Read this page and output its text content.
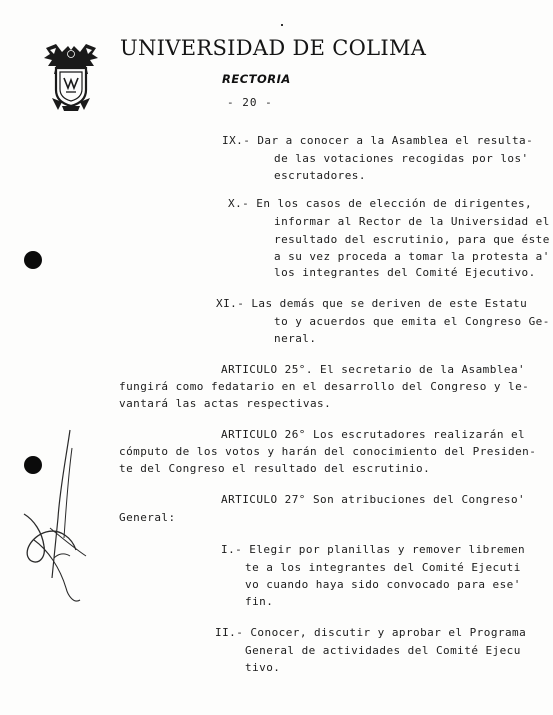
UNIVERSIDAD DE COLIMA
RECTORIA
- 20 -
IX.- Dar a conocer a la Asamblea el resulta-
de las votaciones recogidas por los'
escrutadores.
X.- En los casos de elección de dirigentes,
informar al Rector de la Universidad el
resultado del escrutinio, para que éste
a su vez proceda a tomar la protesta a'
los integrantes del Comité Ejecutivo.
XI.- Las demás que se deriven de este Estatu
to y acuerdos que emita el Congreso Ge-
neral.
ARTICULO 25°. El secretario de la Asamblea'
fungirá como fedatario en el desarrollo del Congreso y le-
vantará las actas respectivas.
ARTICULO 26° Los escrutadores realizarán el
cómputo de los votos y harán del conocimiento del Presiden-
te del Congreso el resultado del escrutinio.
ARTICULO 27° Son atribuciones del Congreso'
General:
I.- Elegir por planillas y remover libremen
te a los integrantes del Comité Ejecuti
vo cuando haya sido convocado para ese'
fin.
II.- Conocer, discutir y aprobar el Programa
General de actividades del Comité Ejecu
tivo.
